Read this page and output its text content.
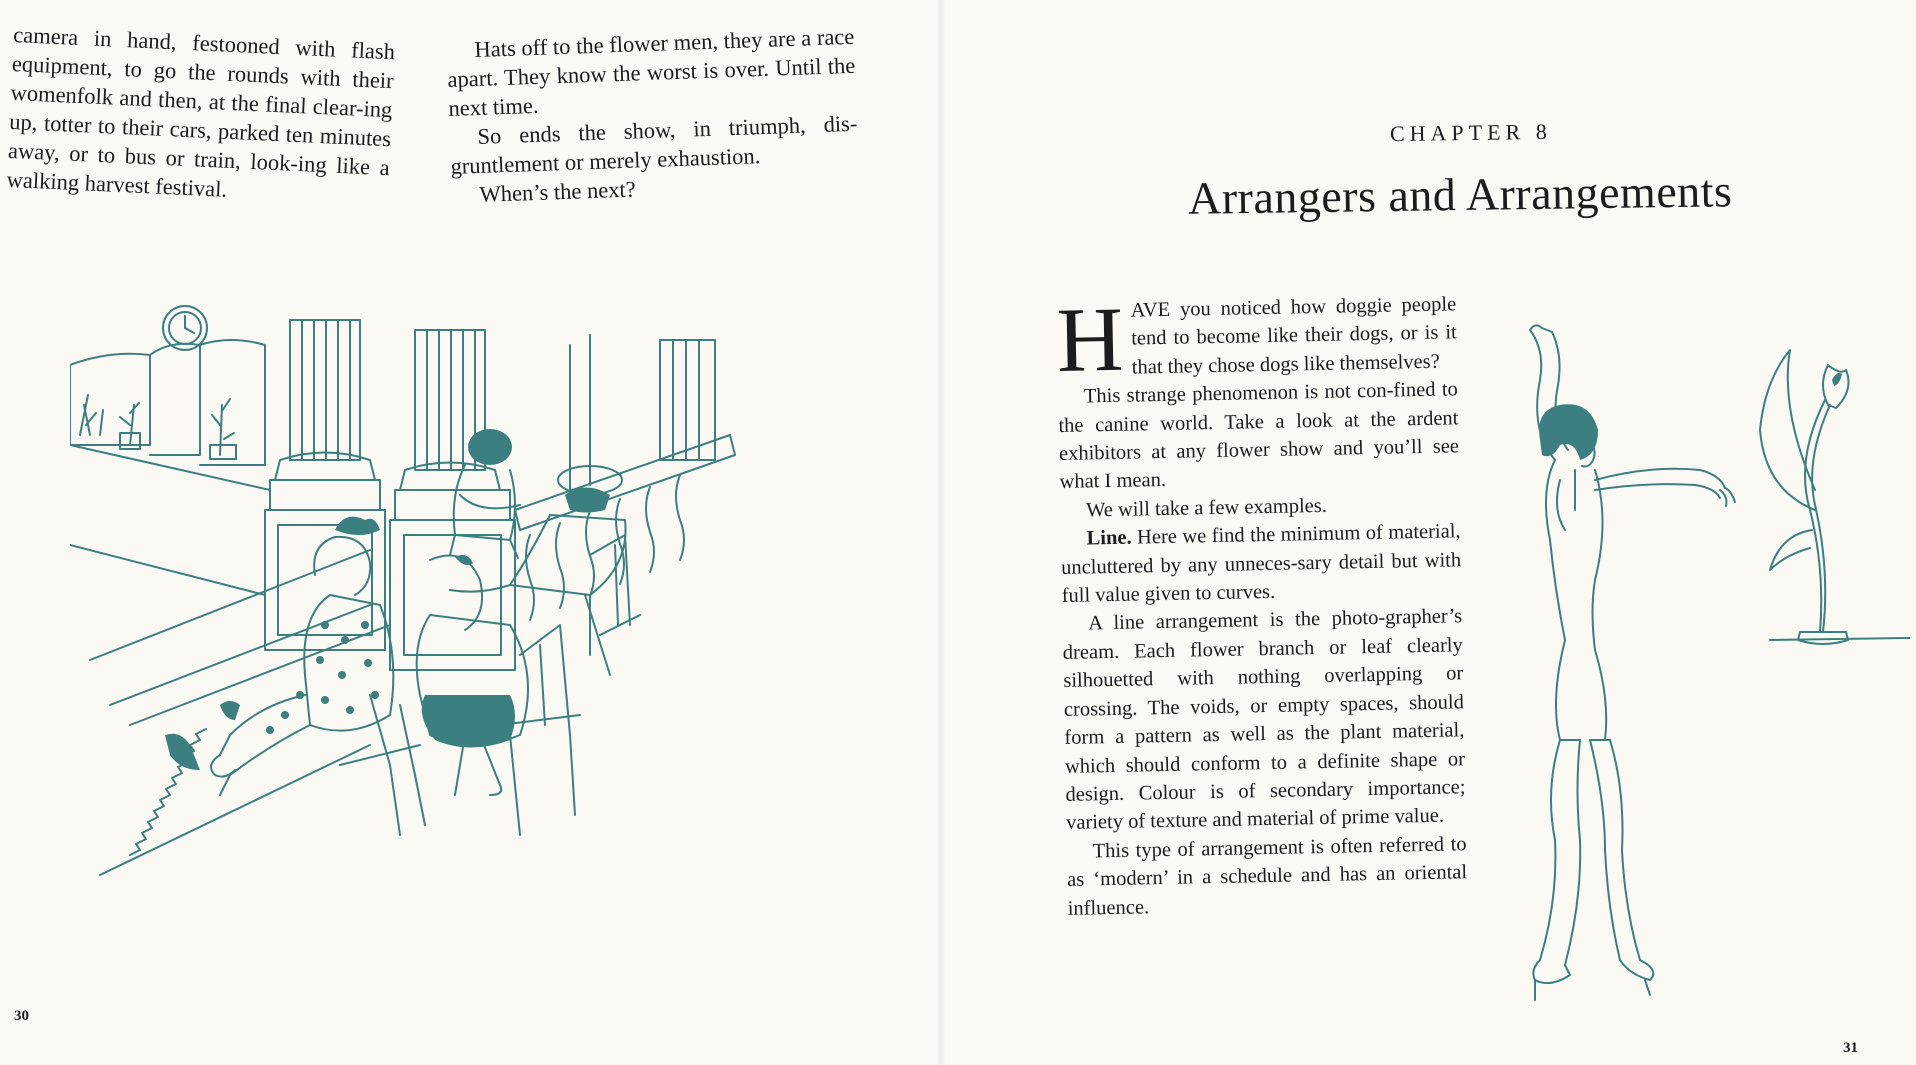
camera in hand, festooned with flash equipment, to go the rounds with their womenfolk and then, at the final clear-ing up, totter to their cars, parked ten minutes away, or to bus or train, look-ing like a walking harvest festival.

Hats off to the flower men, they are a race apart. They know the worst is over. Until the next time.

So ends the show, in triumph, dis-gruntlement or merely exhaustion.

When’s the next?

30
CHAPTER 8
Arrangers and Arrangements

HAVE you noticed how doggie people tend to become like their dogs, or is it that they chose dogs like themselves?

This strange phenomenon is not con-fined to the canine world. Take a look at the ardent exhibitors at any flower show and you’ll see what I mean.

We will take a few examples.

Line. Here we find the minimum of material, uncluttered by any unneces-sary detail but with full value given to curves.

A line arrangement is the photo-grapher’s dream. Each flower branch or leaf clearly silhouetted with nothing overlapping or crossing. The voids, or empty spaces, should form a pattern as well as the plant material, which should conform to a definite shape or design. Colour is of secondary importance; variety of texture and material of prime value.

This type of arrangement is often referred to as ‘modern’ in a schedule and has an oriental influence.

31
